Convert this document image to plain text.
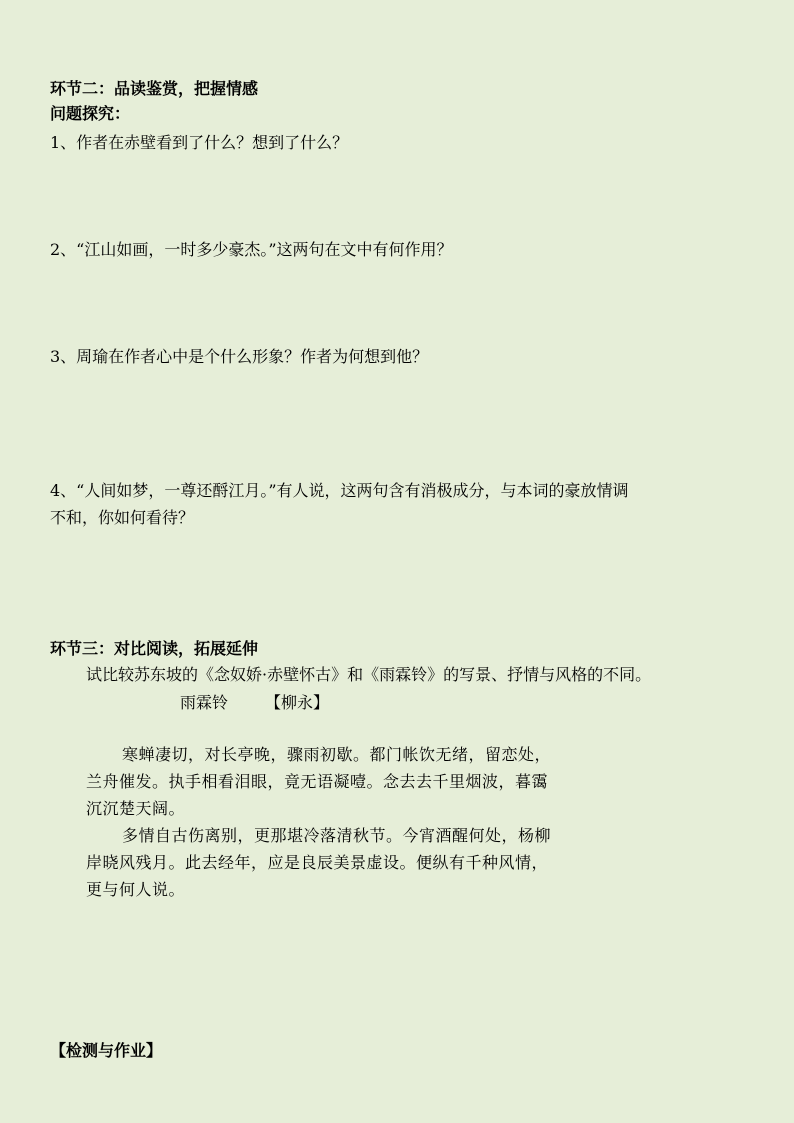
环节二：品读鉴赏，把握情感
问题探究：
1、作者在赤壁看到了什么？想到了什么？
2、“江山如画，一时多少豪杰。”这两句在文中有何作用？
3、周瑜在作者心中是个什么形象？作者为何想到他？
4、“人间如梦，一尊还酹江月。”有人说，这两句含有消极成分，与本词的豪放情调
不和，你如何看待？
环节三：对比阅读，拓展延伸
试比较苏东坡的《念奴娇·赤壁怀古》和《雨霖铃》的写景、抒情与风格的不同。
雨霖铃 【柳永】
寒蝉凄切，对长亭晚，骤雨初歇。都门帐饮无绪，留恋处，
兰舟催发。执手相看泪眼，竟无语凝噎。念去去千里烟波，暮霭
沉沉楚天阔。
多情自古伤离别，更那堪冷落清秋节。今宵酒醒何处，杨柳
岸晓风残月。此去经年，应是良辰美景虚设。便纵有千种风情，
更与何人说。
【检测与作业】
